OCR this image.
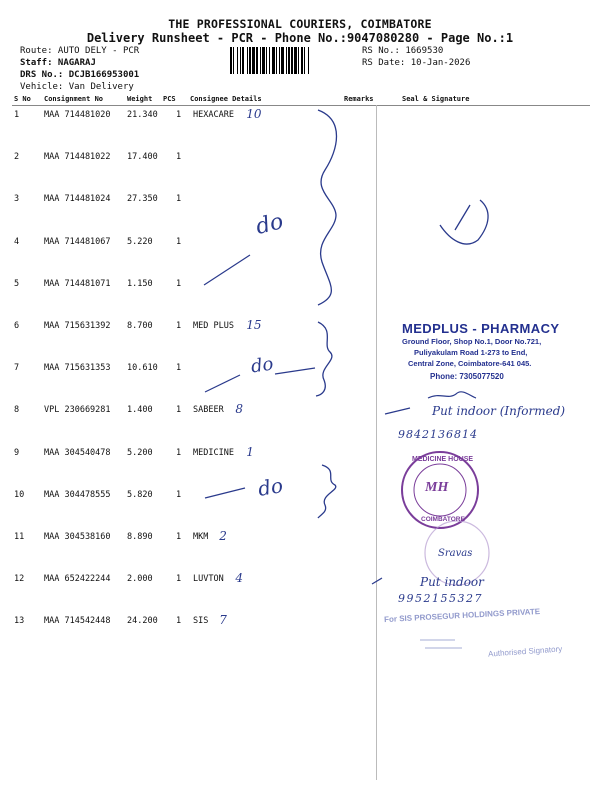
THE PROFESSIONAL COURIERS, COIMBATORE
Delivery Runsheet - PCR - Phone No.:9047080280 - Page No.:1
Route: AUTO DELY - PCR
Staff: NAGARAJ
DRS No.: DCJB166953001
Vehicle: Van Delivery
RS No.: 1669530
RS Date: 10-Jan-2026
S No Consignment No	Weight PCS Consignee Details	Remarks	Seal & Signature
1	MAA 714481020 21.340 1 HEXACARE 10
2	MAA 714481022 17.400 1
3	MAA 714481024 27.350 1
4	MAA 714481067 5.220	1
5	MAA 714481071 1.150	1
6	MAA 715631392 8.700	1 MED PLUS 15
7	MAA 715631353 10.610 1
8	VPL 230669281 1.400	1 SABEER 8
9	MAA 304540478 5.200	1 MEDICINE 1
10 MAA 304478555 5.820	1
11 MAA 304538160 8.890	1 MKM 2
12 MAA 652422244 2.000	1 LUVTON 4
13 MAA 714542448 24.200 1 SIS 7
do
do
do
Put indoor (Informed)
9842136814
Put indoor
9952155327
Sravas
MEDPLUS - PHARMACY
Ground Floor, Shop No.1, Door No.721,
Puliyakulam Road 1-273 to End,
Central Zone, Coimbatore-641 045.
Phone: 7305077520
MEDICINE HOUSE
COIMBATORE
MH
For SIS PROSEGUR HOLDINGS PRIVATE
Authorised Signatory
